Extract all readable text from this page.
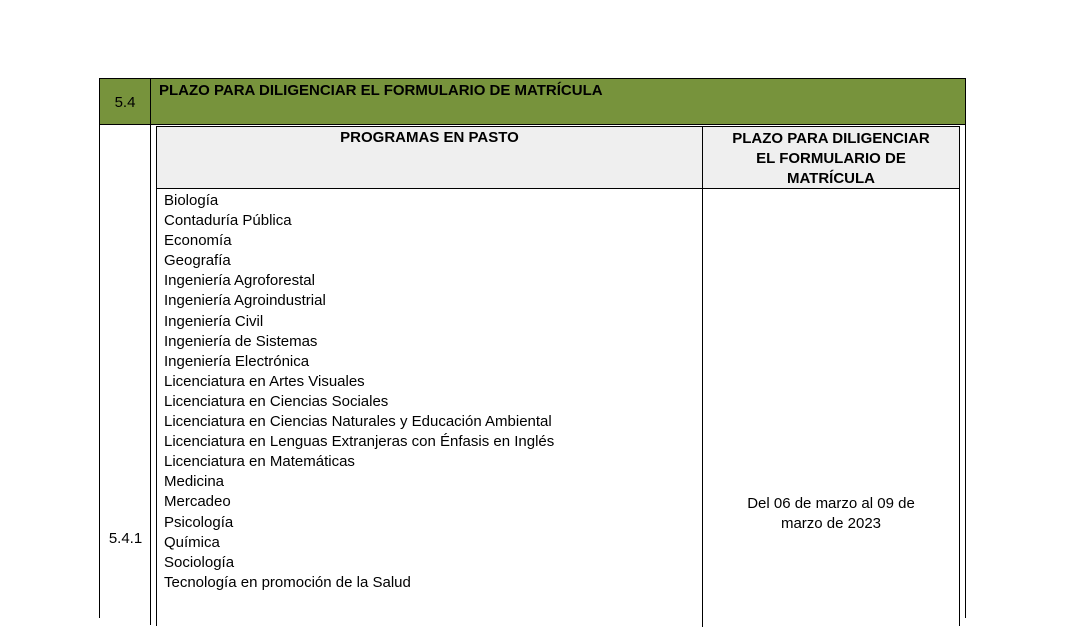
5.4
PLAZO PARA DILIGENCIAR EL FORMULARIO DE MATRÍCULA
5.4.1
PROGRAMAS EN PASTO	PLAZO PARA DILIGENCIAR
EL FORMULARIO DE
MATRÍCULA
Biología
Contaduría Pública
Economía
Geografía
Ingeniería Agroforestal
Ingeniería Agroindustrial
Ingeniería Civil
Ingeniería de Sistemas
Ingeniería Electrónica
Licenciatura en Artes Visuales
Licenciatura en Ciencias Sociales
Licenciatura en Ciencias Naturales y Educación Ambiental
Licenciatura en Lenguas Extranjeras con Énfasis en Inglés
Licenciatura en Matemáticas
Medicina
Mercadeo
Psicología
Química
Sociología
Tecnología en promoción de la Salud
Del 06 de marzo al 09 de
marzo de 2023
